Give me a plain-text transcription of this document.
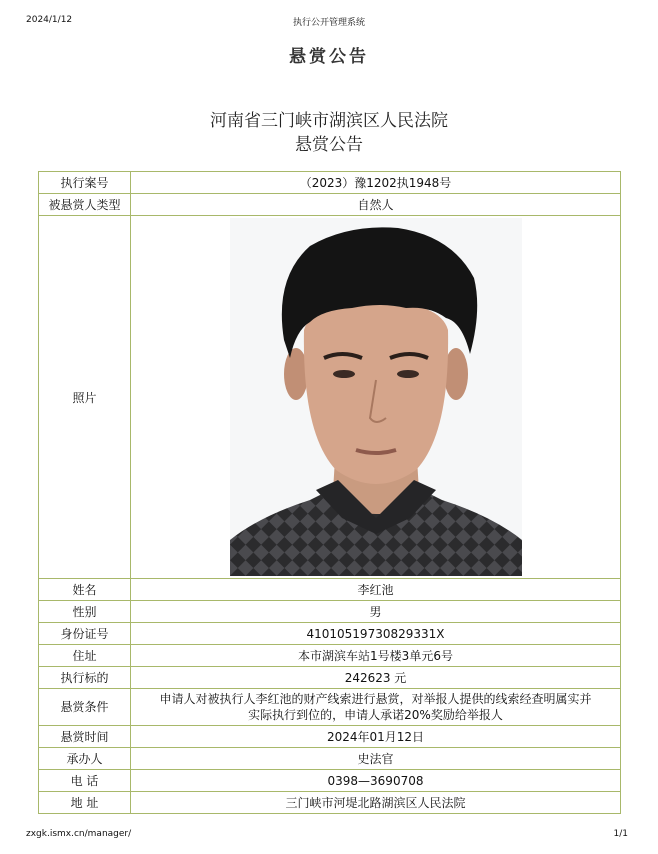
2024/1/12	执行公开管理系统
悬赏公告
河南省三门峡市湖滨区人民法院
悬赏公告
执行案号	（2023）豫1202执1948号
被悬赏人类型	自然人
照片	

姓名	李红池
性别	男
身份证号	41010519730829331X
住址	本市湖滨车站1号楼3单元6号
执行标的	242623 元
悬赏条件	申请人对被执行人李红池的财产线索进行悬赏，对举报人提供的线索经查明属实并
实际执行到位的，申请人承诺20%奖励给举报人

悬赏时间	2024年01月12日
承办人	史法官
电 话	0398—3690708
地 址	三门峡市河堤北路湖滨区人民法院
zxgk.ismx.cn/manager/	1/1
